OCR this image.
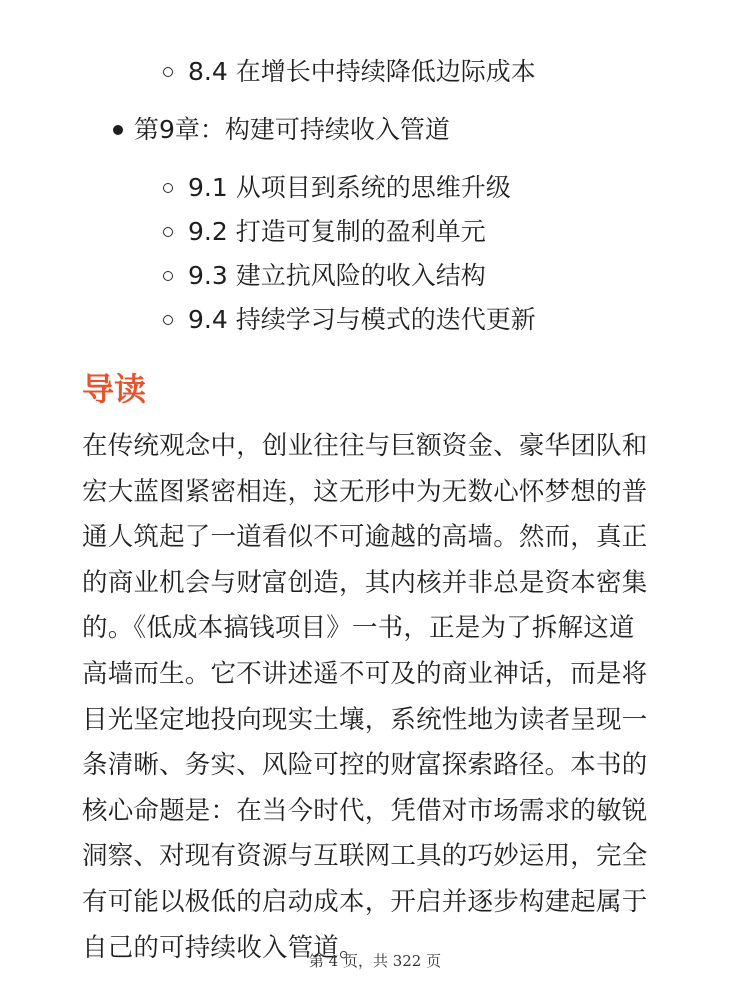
8.4 在增长中持续降低边际成本
第9章：构建可持续收入管道
9.1 从项目到系统的思维升级
9.2 打造可复制的盈利单元
9.3 建立抗风险的收入结构
9.4 持续学习与模式的迭代更新
导读
在传统观念中，创业往往与巨额资金、豪华团队和
宏大蓝图紧密相连，这无形中为无数心怀梦想的普
通人筑起了一道看似不可逾越的高墙。然而，真正
的商业机会与财富创造，其内核并非总是资本密集
的。《低成本搞钱项目》一书，正是为了拆解这道
高墙而生。它不讲述遥不可及的商业神话，而是将
目光坚定地投向现实土壤，系统性地为读者呈现一
条清晰、务实、风险可控的财富探索路径。本书的
核心命题是：在当今时代，凭借对市场需求的敏锐
洞察、对现有资源与互联网工具的巧妙运用，完全
有可能以极低的启动成本，开启并逐步构建起属于
自己的可持续收入管道。
第 4 页，共 322 页
